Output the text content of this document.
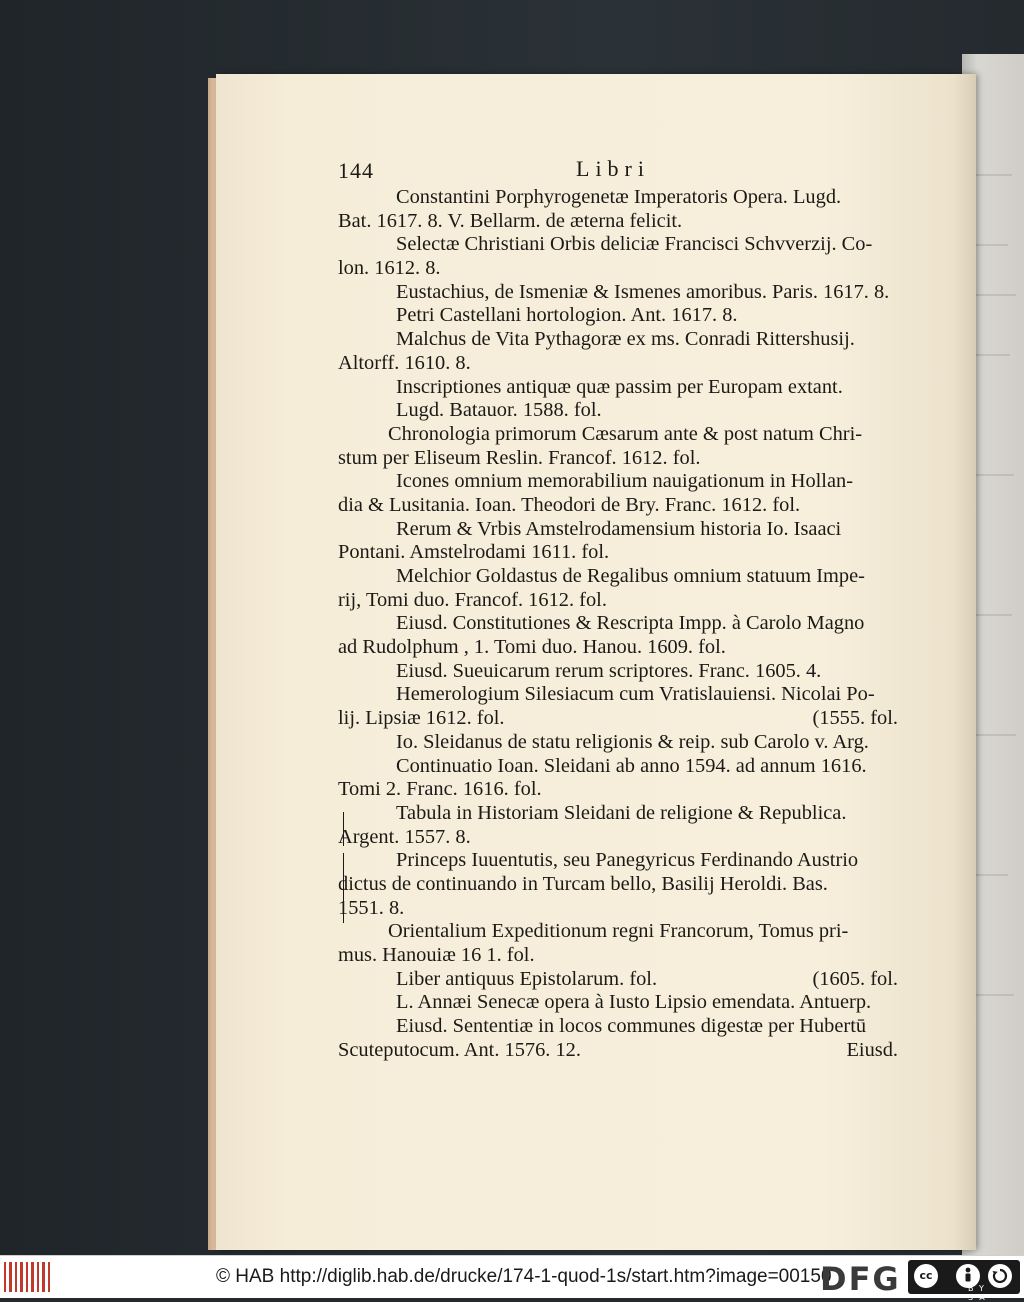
144	Libri
Constantini Porphyrogenetæ Imperatoris Opera. Lugd.
Bat. 1617. 8. V. Bellarm. de æterna felicit.
Selectæ Christiani Orbis deliciæ Francisci Schvverzij. Co-
lon. 1612. 8.
Eustachius, de Ismeniæ & Ismenes amoribus. Paris. 1617. 8.
Petri Castellani hortologion. Ant. 1617. 8.
Malchus de Vita Pythagoræ ex ms. Conradi Rittershusij.
Altorff. 1610. 8.
Inscriptiones antiquæ quæ passim per Europam extant.
Lugd. Batauor. 1588. fol.
Chronologia primorum Cæsarum ante & post natum Chri-
stum per Eliseum Reslin. Francof. 1612. fol.
Icones omnium memorabilium nauigationum in Hollan-
dia & Lusitania. Ioan. Theodori de Bry. Franc. 1612. fol.
Rerum & Vrbis Amstelrodamensium historia Io. Isaaci
Pontani. Amstelrodami 1611. fol.
Melchior Goldastus de Regalibus omnium statuum Impe-
rij, Tomi duo. Francof. 1612. fol.
Eiusd. Constitutiones & Rescripta Impp. à Carolo Magno
ad Rudolphum , 1. Tomi duo. Hanou. 1609. fol.
Eiusd. Sueuicarum rerum scriptores. Franc. 1605. 4.
Hemerologium Silesiacum cum Vratislauiensi. Nicolai Po-
lij. Lipsiæ 1612. fol.	(1555. fol.
Io. Sleidanus de statu religionis & reip. sub Carolo v. Arg.
Continuatio Ioan. Sleidani ab anno 1594. ad annum 1616.
Tomi 2. Franc. 1616. fol.
Tabula in Historiam Sleidani de religione & Republica.
Argent. 1557. 8.
Princeps Iuuentutis, seu Panegyricus Ferdinando Austrio
dictus de continuando in Turcam bello, Basilij Heroldi. Bas.
1551. 8.
Orientalium Expeditionum regni Francorum, Tomus pri-
mus. Hanouiæ 16 1. fol.
Liber antiquus Epistolarum. fol.	(1605. fol.
L. Annæi Senecæ opera à Iusto Lipsio emendata. Antuerp.
Eiusd. Sententiæ in locos communes digestæ per Hubertū
Scuteputocum. Ant. 1576. 12.	Eiusd.
© HAB http://diglib.hab.de/drucke/174-1-quod-1s/start.htm?image=00150
DFG	cc
BY SA
